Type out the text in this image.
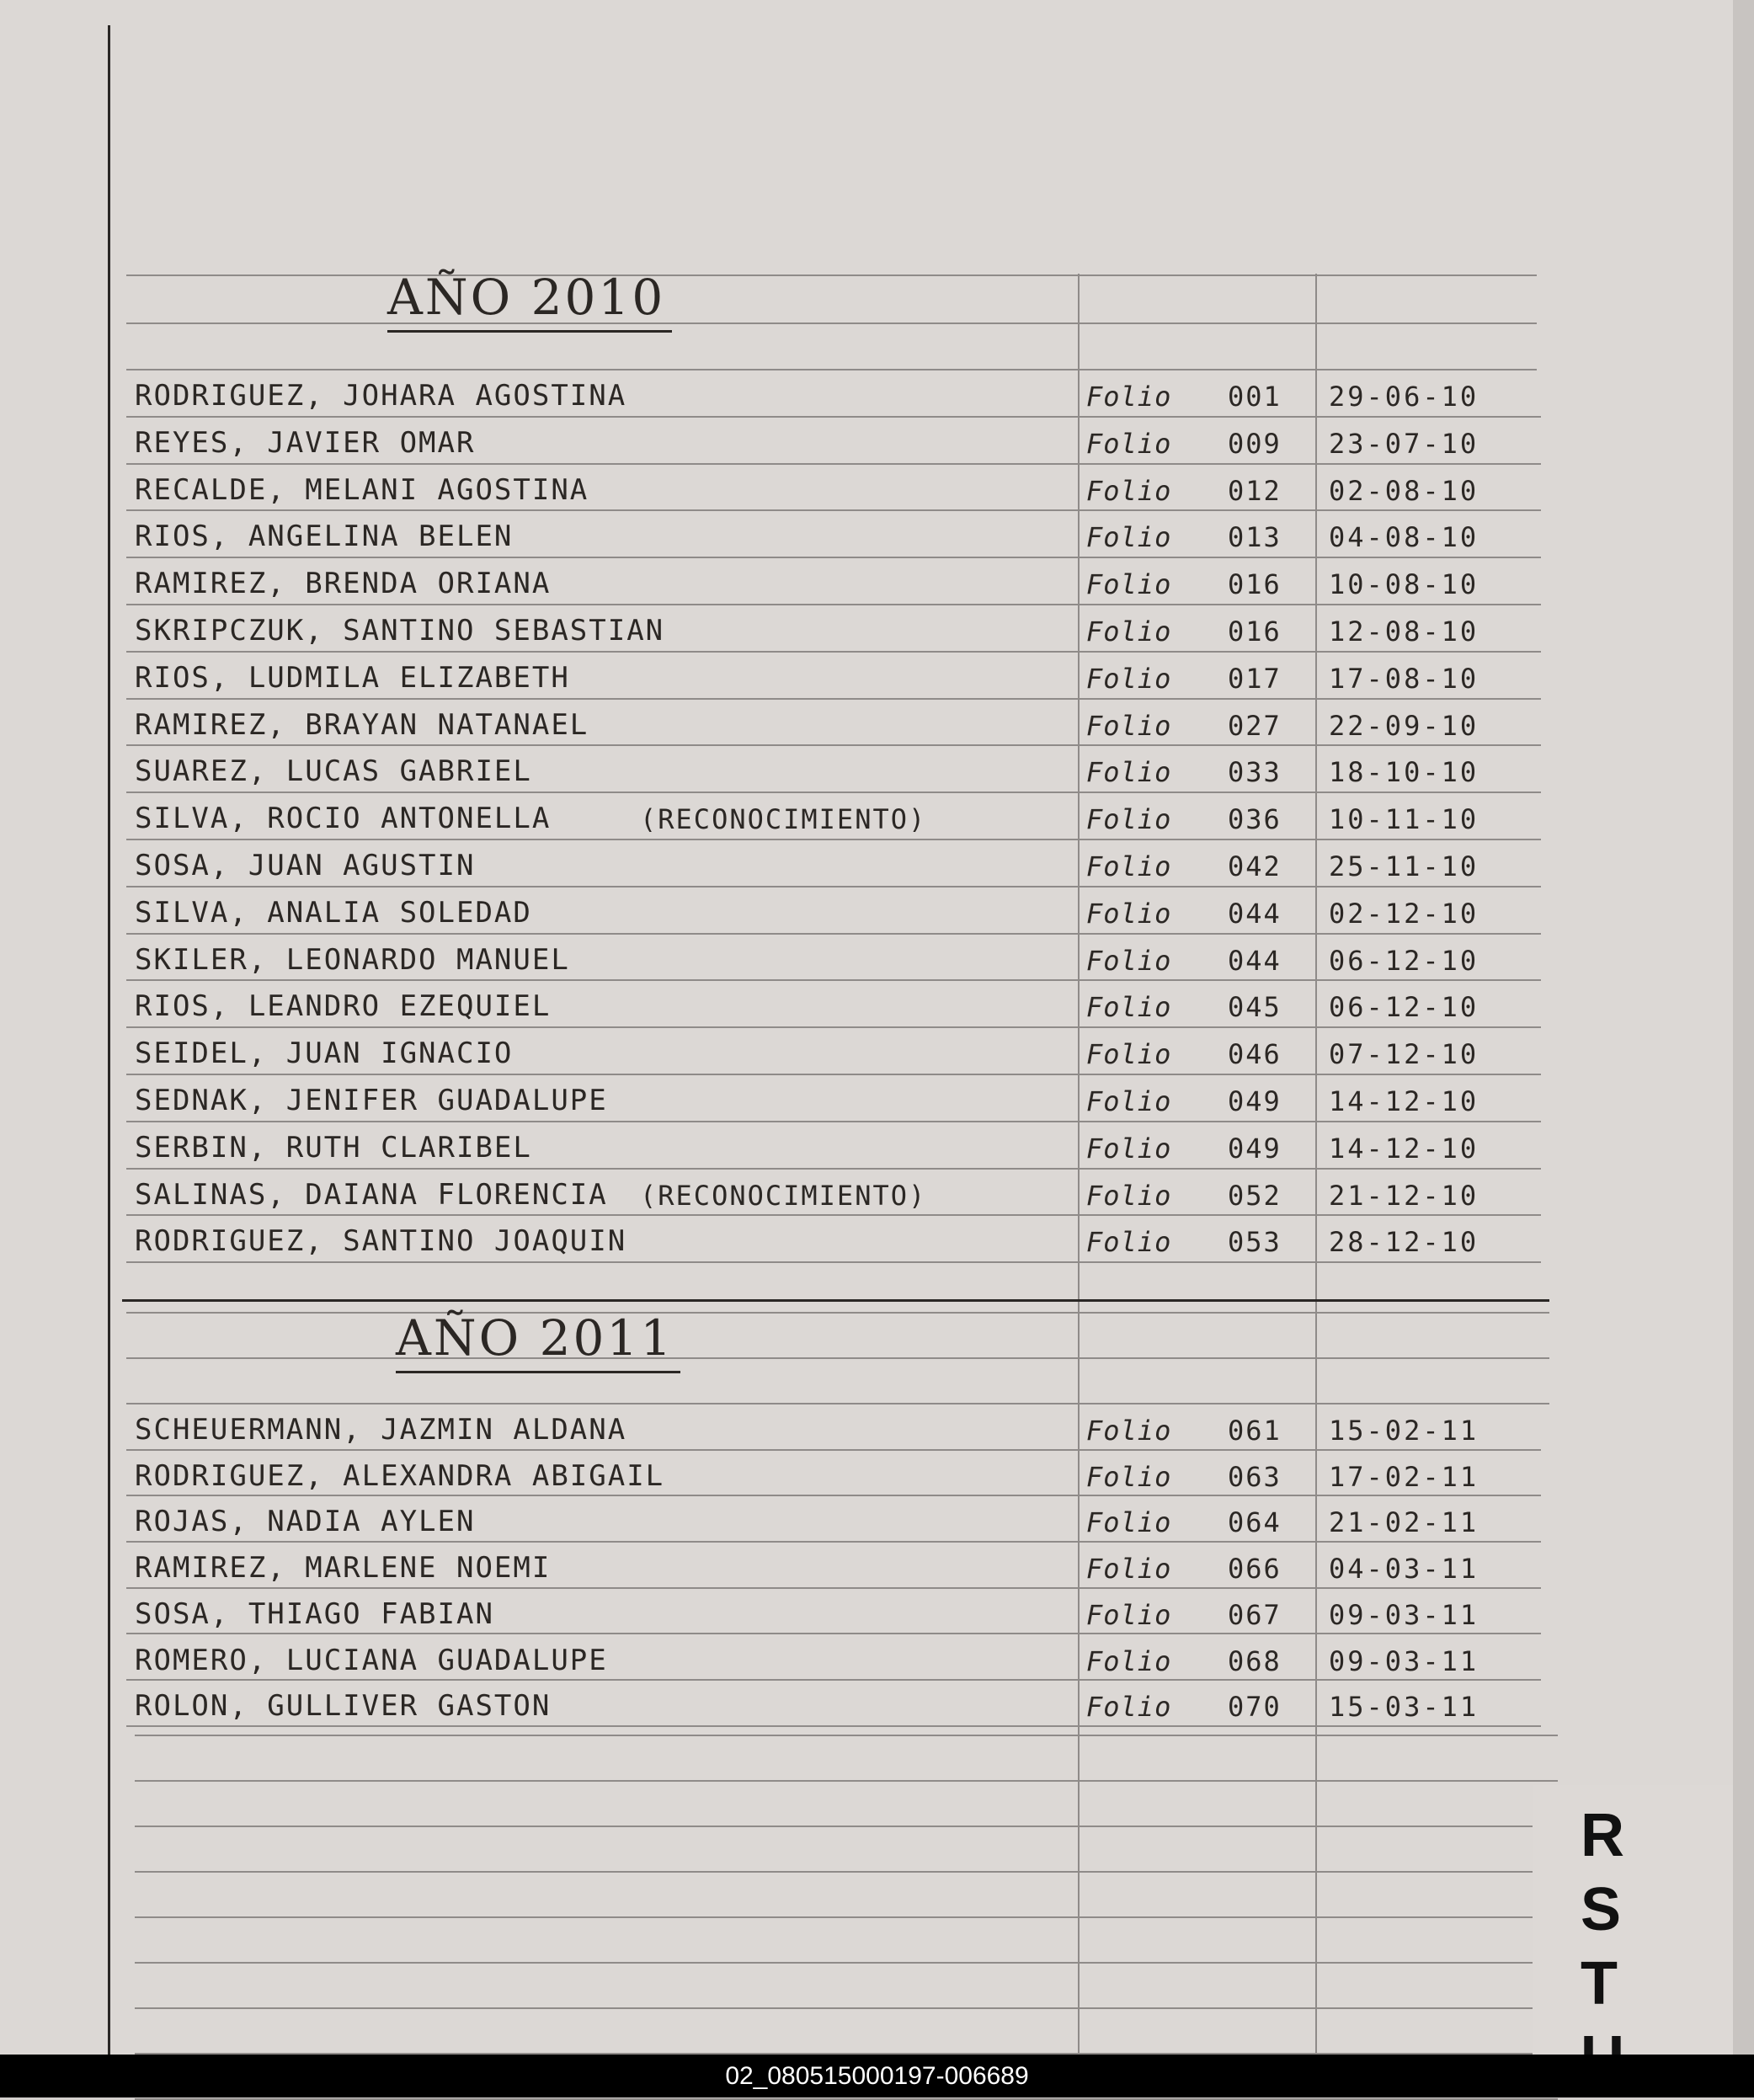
AÑO 2010
RODRIGUEZ, JOHARA AGOSTINA	Folio 001 29-06-10
REYES, JAVIER OMAR	Folio 009 23-07-10
RECALDE, MELANI AGOSTINA	Folio 012 02-08-10
RIOS, ANGELINA BELEN	Folio 013 04-08-10
RAMIREZ, BRENDA ORIANA	Folio 016 10-08-10
SKRIPCZUK, SANTINO SEBASTIAN	Folio 016 12-08-10
RIOS, LUDMILA ELIZABETH	Folio 017 17-08-10
RAMIREZ, BRAYAN NATANAEL	Folio 027 22-09-10
SUAREZ, LUCAS GABRIEL	Folio 033 18-10-10
SILVA, ROCIO ANTONELLA	(RECONOCIMIENTO)	Folio 036 10-11-10
SOSA, JUAN AGUSTIN	Folio 042 25-11-10
SILVA, ANALIA SOLEDAD	Folio 044 02-12-10
SKILER, LEONARDO MANUEL	Folio 044 06-12-10
RIOS, LEANDRO EZEQUIEL	Folio 045 06-12-10
SEIDEL, JUAN IGNACIO	Folio 046 07-12-10
SEDNAK, JENIFER GUADALUPE	Folio 049 14-12-10
SERBIN, RUTH CLARIBEL	Folio 049 14-12-10
SALINAS, DAIANA FLORENCIA (RECONOCIMIENTO)	Folio 052 21-12-10
RODRIGUEZ, SANTINO JOAQUIN	Folio 053 28-12-10
AÑO 2011
SCHEUERMANN, JAZMIN ALDANA	Folio 061 15-02-11
RODRIGUEZ, ALEXANDRA ABIGAIL	Folio 063 17-02-11
ROJAS, NADIA AYLEN	Folio 064 21-02-11
RAMIREZ, MARLENE NOEMI	Folio 066 04-03-11
SOSA, THIAGO FABIAN	Folio 067 09-03-11
ROMERO, LUCIANA GUADALUPE	Folio 068 09-03-11
ROLON, GULLIVER GASTON	Folio 070 15-03-11
R
S
T
02_080515000197-006689
